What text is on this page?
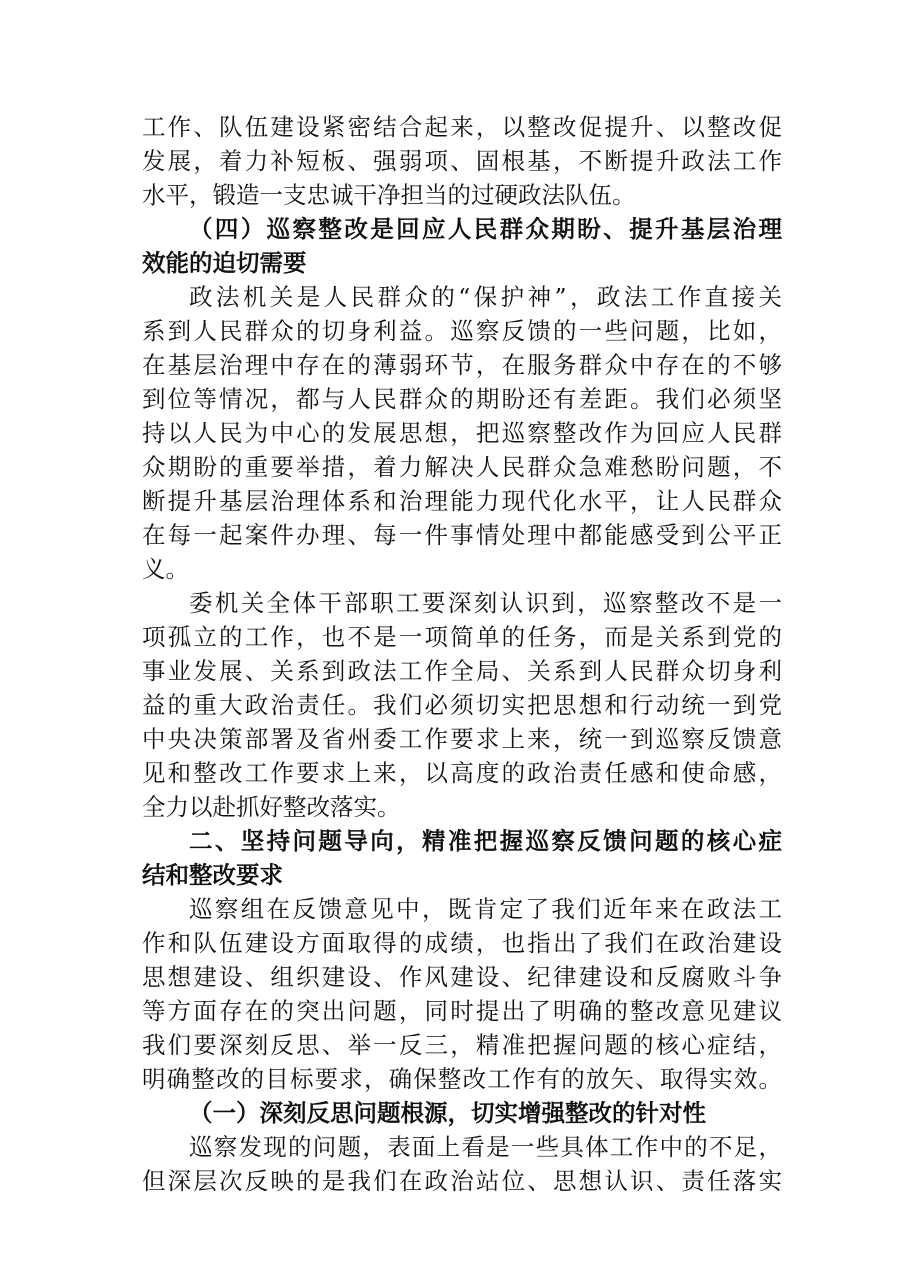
工作、队伍建设紧密结合起来，以整改促提升、以整改促
发展，着力补短板、强弱项、固根基，不断提升政法工作
水平，锻造一支忠诚干净担当的过硬政法队伍。
（四）巡察整改是回应人民群众期盼、提升基层治理
效能的迫切需要
政法机关是人民群众的“保护神”，政法工作直接关
系到人民群众的切身利益。巡察反馈的一些问题，比如，
在基层治理中存在的薄弱环节，在服务群众中存在的不够
到位等情况，都与人民群众的期盼还有差距。我们必须坚
持以人民为中心的发展思想，把巡察整改作为回应人民群
众期盼的重要举措，着力解决人民群众急难愁盼问题，不
断提升基层治理体系和治理能力现代化水平，让人民群众
在每一起案件办理、每一件事情处理中都能感受到公平正
义。
委机关全体干部职工要深刻认识到，巡察整改不是一
项孤立的工作，也不是一项简单的任务，而是关系到党的
事业发展、关系到政法工作全局、关系到人民群众切身利
益的重大政治责任。我们必须切实把思想和行动统一到党
中央决策部署及省州委工作要求上来，统一到巡察反馈意
见和整改工作要求上来，以高度的政治责任感和使命感，
全力以赴抓好整改落实。
二、坚持问题导向，精准把握巡察反馈问题的核心症
结和整改要求
巡察组在反馈意见中，既肯定了我们近年来在政法工
作和队伍建设方面取得的成绩，也指出了我们在政治建设
思想建设、组织建设、作风建设、纪律建设和反腐败斗争
等方面存在的突出问题，同时提出了明确的整改意见建议
我们要深刻反思、举一反三，精准把握问题的核心症结，
明确整改的目标要求，确保整改工作有的放矢、取得实效。
（一）深刻反思问题根源，切实增强整改的针对性
巡察发现的问题，表面上看是一些具体工作中的不足，
但深层次反映的是我们在政治站位、思想认识、责任落实
